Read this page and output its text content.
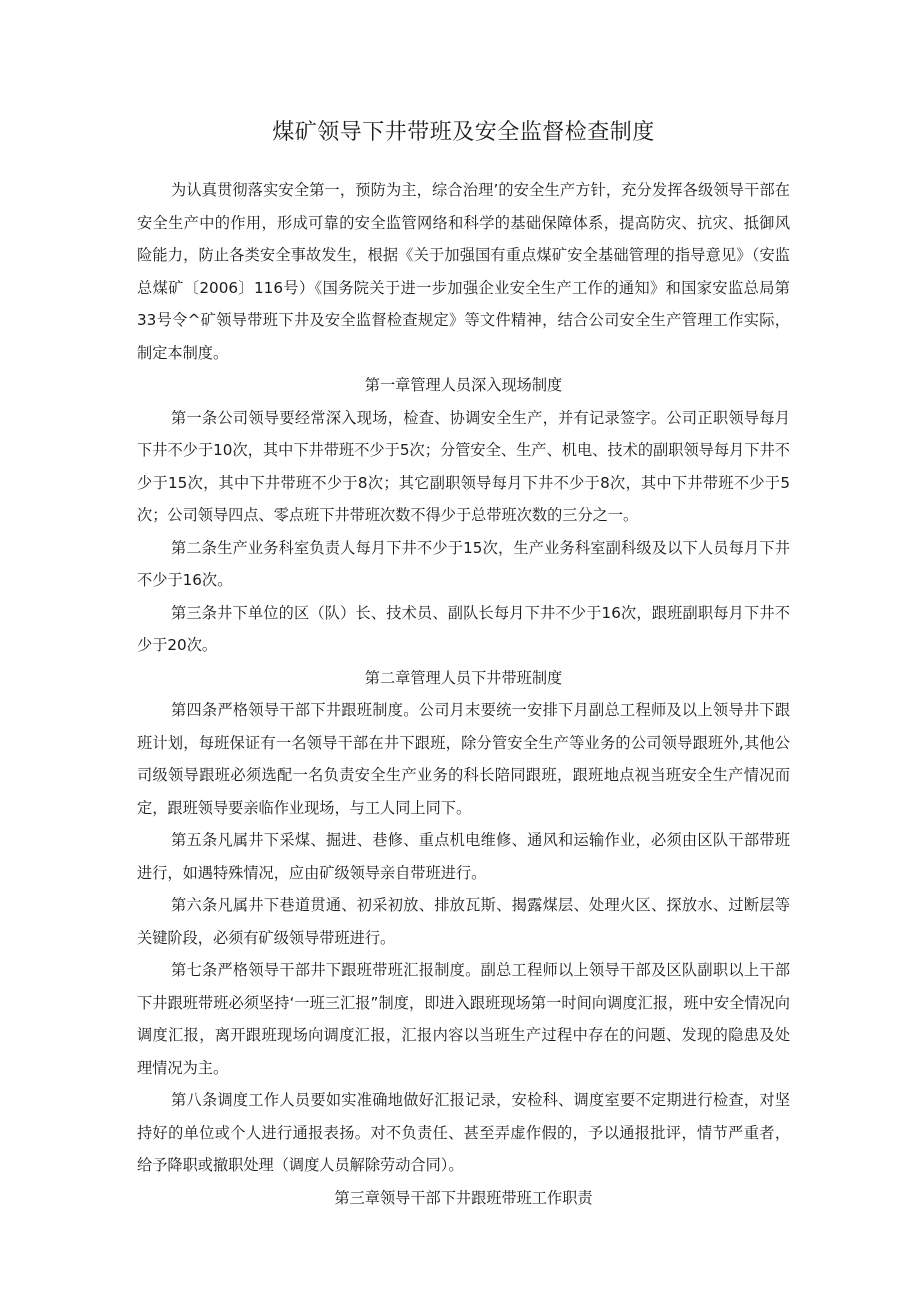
煤矿领导下井带班及安全监督检查制度

为认真贯彻落实安全第一，预防为主，综合治理’的安全生产方针，充分发挥各级领导干部在安全生产中的作用，形成可靠的安全监管网络和科学的基础保障体系，提高防灾、抗灾、抵御风险能力，防止各类安全事故发生，根据《关于加强国有重点煤矿安全基础管理的指导意见》（安监总煤矿〔2006〕116号）《国务院关于进一步加强企业安全生产工作的通知》和国家安监总局第33号令^矿领导带班下井及安全监督检查规定》等文件精神，结合公司安全生产管理工作实际，制定本制度。

第一章管理人员深入现场制度

第一条公司领导要经常深入现场，检查、协调安全生产，并有记录签字。公司正职领导每月下井不少于10次，其中下井带班不少于5次；分管安全、生产、机电、技术的副职领导每月下井不少于15次，其中下井带班不少于8次；其它副职领导每月下井不少于8次，其中下井带班不少于5次；公司领导四点、零点班下井带班次数不得少于总带班次数的三分之一。

第二条生产业务科室负责人每月下井不少于15次，生产业务科室副科级及以下人员每月下井不少于16次。

第三条井下单位的区（队）长、技术员、副队长每月下井不少于16次，跟班副职每月下井不少于20次。

第二章管理人员下井带班制度

第四条严格领导干部下井跟班制度。公司月末要统一安排下月副总工程师及以上领导井下跟班计划，每班保证有一名领导干部在井下跟班，除分管安全生产等业务的公司领导跟班外,其他公司级领导跟班必须选配一名负责安全生产业务的科长陪同跟班，跟班地点视当班安全生产情况而定，跟班领导要亲临作业现场，与工人同上同下。

第五条凡属井下采煤、掘进、巷修、重点机电维修、通风和运输作业，必须由区队干部带班进行，如遇特殊情况，应由矿级领导亲自带班进行。

第六条凡属井下巷道贯通、初采初放、排放瓦斯、揭露煤层、处理火区、探放水、过断层等关键阶段，必须有矿级领导带班进行。

第七条严格领导干部井下跟班带班汇报制度。副总工程师以上领导干部及区队副职以上干部下井跟班带班必须坚持‘一班三汇报”制度，即进入跟班现场第一时间向调度汇报，班中安全情况向调度汇报，离开跟班现场向调度汇报，汇报内容以当班生产过程中存在的问题、发现的隐患及处理情况为主。

第八条调度工作人员要如实准确地做好汇报记录，安检科、调度室要不定期进行检查，对坚持好的单位或个人进行通报表扬。对不负责任、甚至弄虚作假的，予以通报批评，情节严重者，给予降职或撤职处理（调度人员解除劳动合同）。

第三章领导干部下井跟班带班工作职责
